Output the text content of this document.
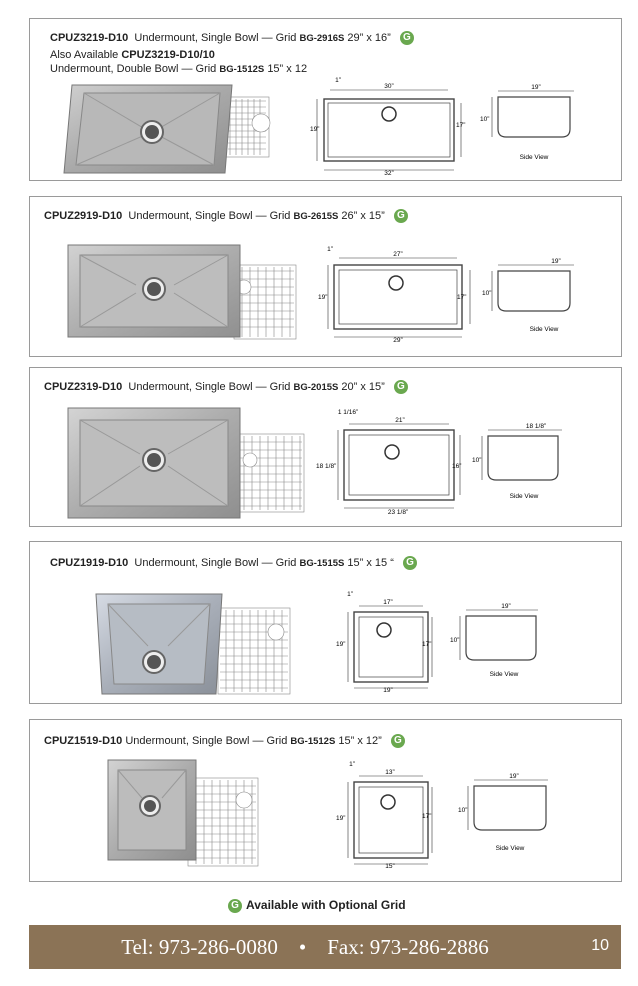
CPUZ3219-D10 Undermount, Single Bowl — Grid BG-2916S 29” x 16” G
Also Available CPUZ3219-D10/10
Undermount, Double Bowl — Grid BG-1512S 15” x 12
30”
1”
19”
17”
32”
19”
10”
Side View
CPUZ2919-D10 Undermount, Single Bowl — Grid BG-2615S 26” x 15” G
27”
1”
19”	17”
29”
19”
10”
Side View
CPUZ2319-D10 Undermount, Single Bowl — Grid BG-2015S 20” x 15” G
21”
1 1/16”
18 1/8”	16”
23 1/8”
18 1/8”
10”
Side View
CPUZ1919-D10 Undermount, Single Bowl — Grid BG-1515S 15” x 15 “ G
17”
1”
19”	17”
19”
19”
10”
Side View
CPUZ1519-D10 Undermount, Single Bowl — Grid BG-1512S 15” x 12” G
13”
1”
19”	17”
15”
19”
10”
Side View
G Available with Optional Grid
Tel: 973-286-0080 • Fax: 973-286-2886	10
